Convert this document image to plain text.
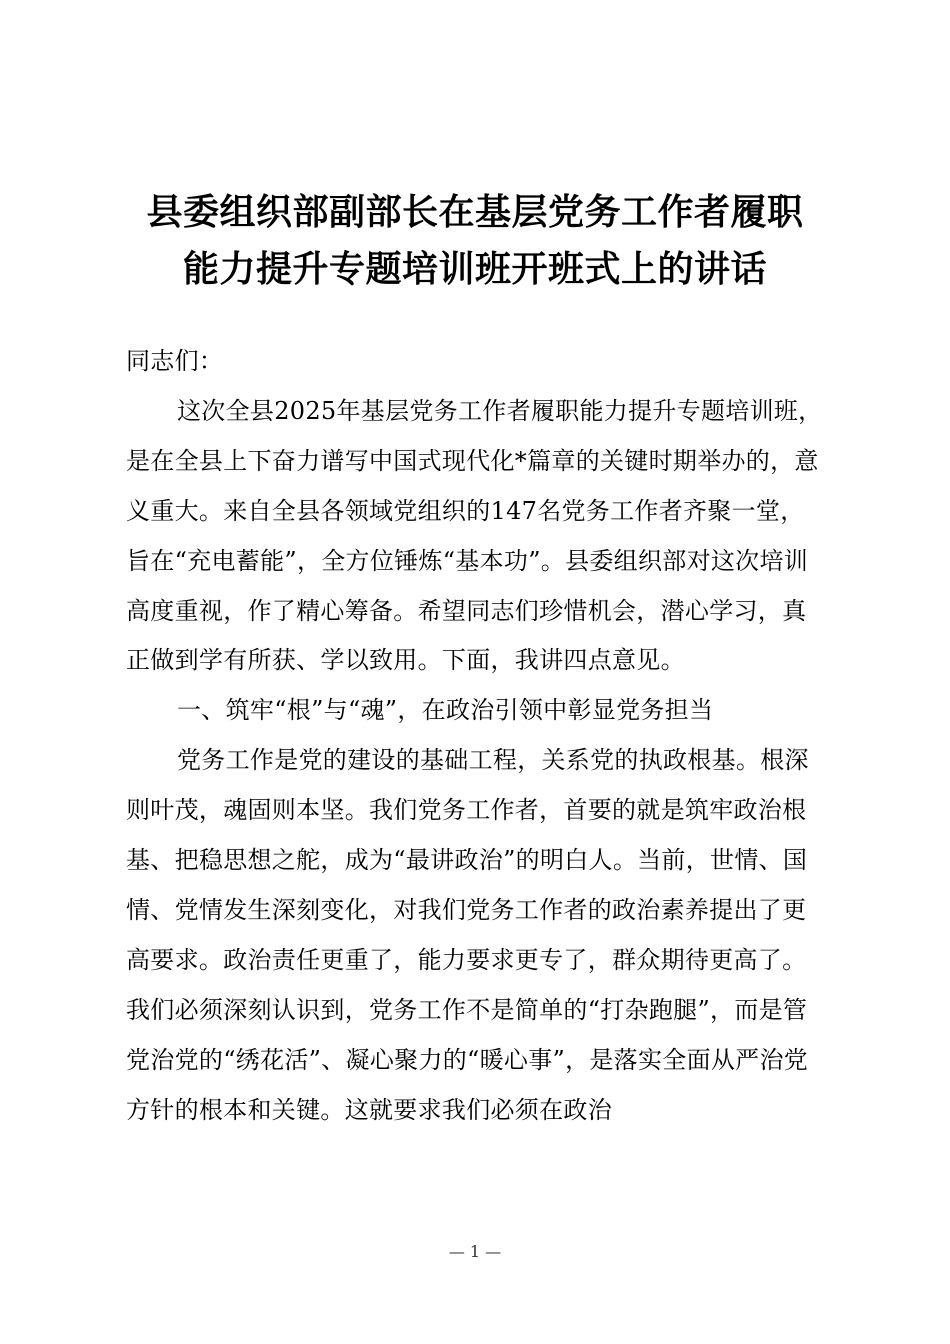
县委组织部副部长在基层党务工作者履职
能力提升专题培训班开班式上的讲话

同志们：

这次全县2025年基层党务工作者履职能力提升专题培训班，是在全县上下奋力谱写中国式现代化*篇章的关键时期举办的，意义重大。来自全县各领域党组织的147名党务工作者齐聚一堂，旨在“充电蓄能”，全方位锤炼“基本功”。县委组织部对这次培训高度重视，作了精心筹备。希望同志们珍惜机会，潜心学习，真正做到学有所获、学以致用。下面，我讲四点意见。

一、筑牢“根”与“魂”，在政治引领中彰显党务担当

党务工作是党的建设的基础工程，关系党的执政根基。根深则叶茂，魂固则本坚。我们党务工作者，首要的就是筑牢政治根基、把稳思想之舵，成为“最讲政治”的明白人。当前，世情、国情、党情发生深刻变化，对我们党务工作者的政治素养提出了更高要求。政治责任更重了，能力要求更专了，群众期待更高了。我们必须深刻认识到，党务工作不是简单的“打杂跑腿”，而是管党治党的“绣花活”、凝心聚力的“暖心事”，是落实全面从严治党方针的根本和关键。这就要求我们必须在政治

— 1 —
